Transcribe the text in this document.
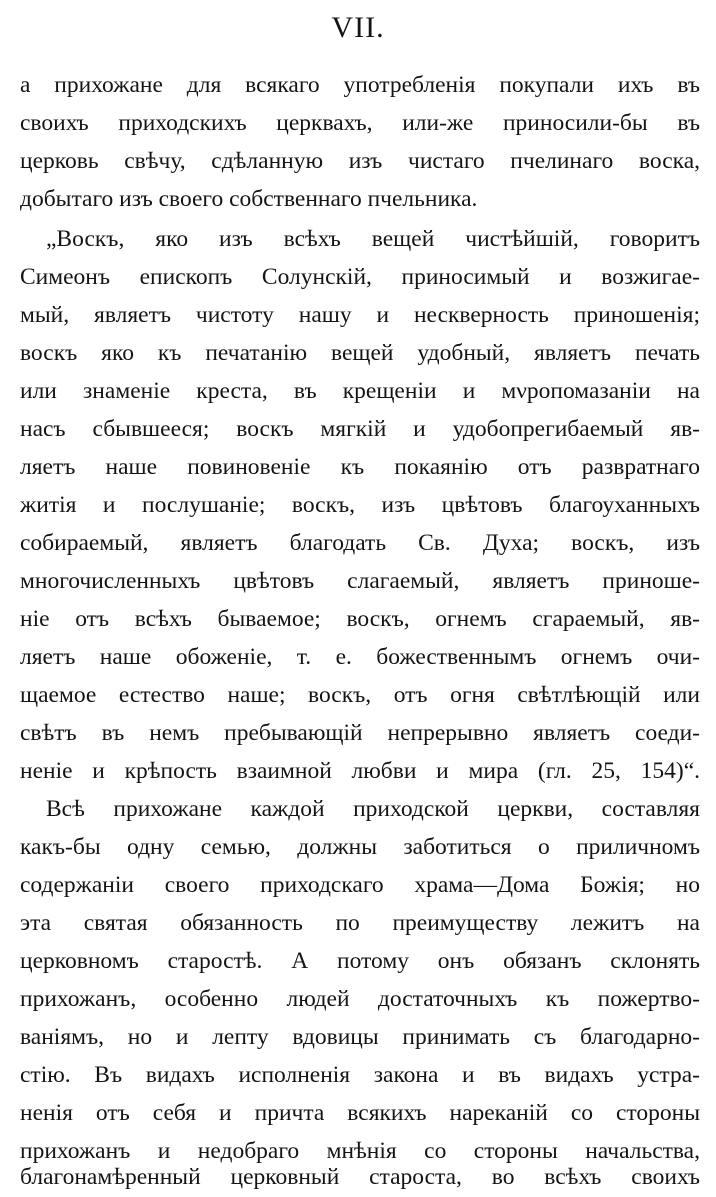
VII.
а прихожане для всякаго употребленія покупали ихъ въ
своихъ приходскихъ церквахъ, или-же приносили-бы въ
церковь свѣчу, сдѣланную изъ чистаго пчелинаго воска,
добытаго изъ своего собственнаго пчельника.
„Воскъ, яко изъ всѣхъ вещей чистѣйшій, говоритъ
Симеонъ епископъ Солунскій, приносимый и возжигае-
мый, являетъ чистоту нашу и нескверность приношенія;
воскъ яко къ печатанію вещей удобный, являетъ печать
или знаменіе креста, въ крещеніи и мνропомазаніи на
насъ сбывшееся; воскъ мягкій и удобопрегибаемый яв-
ляетъ наше повиновеніе къ покаянію отъ развратнаго
житія и послушаніе; воскъ, изъ цвѣтовъ благоуханныхъ
собираемый, являетъ благодать Св. Духа; воскъ, изъ
многочисленныхъ цвѣтовъ слагаемый, являетъ приноше-
ніе отъ всѣхъ бываемое; воскъ, огнемъ сгараемый, яв-
ляетъ наше обоженіе, т. е. божественнымъ огнемъ очи-
щаемое естество наше; воскъ, отъ огня свѣтлѣющій или
свѣтъ въ немъ пребывающій непрерывно являетъ соеди-
неніе и крѣпость взаимной любви и мира (гл. 25, 154)“.
Всѣ прихожане каждой приходской церкви, составляя
какъ-бы одну семью, должны заботиться о приличномъ
содержаніи своего приходскаго храма—Дома Божія; но
эта святая обязанность по преимуществу лежитъ на
церковномъ старостѣ. А потому онъ обязанъ склонять
прихожанъ, особенно людей достаточныхъ къ пожертво-
ваніямъ, но и лепту вдовицы принимать съ благодарно-
стію. Въ видахъ исполненія закона и въ видахъ устра-
ненія отъ себя и причта всякихъ нареканій со стороны
прихожанъ и недобраго мнѣнія со стороны начальства,
благонамѣренный церковный староста, во всѣхъ своихъ
